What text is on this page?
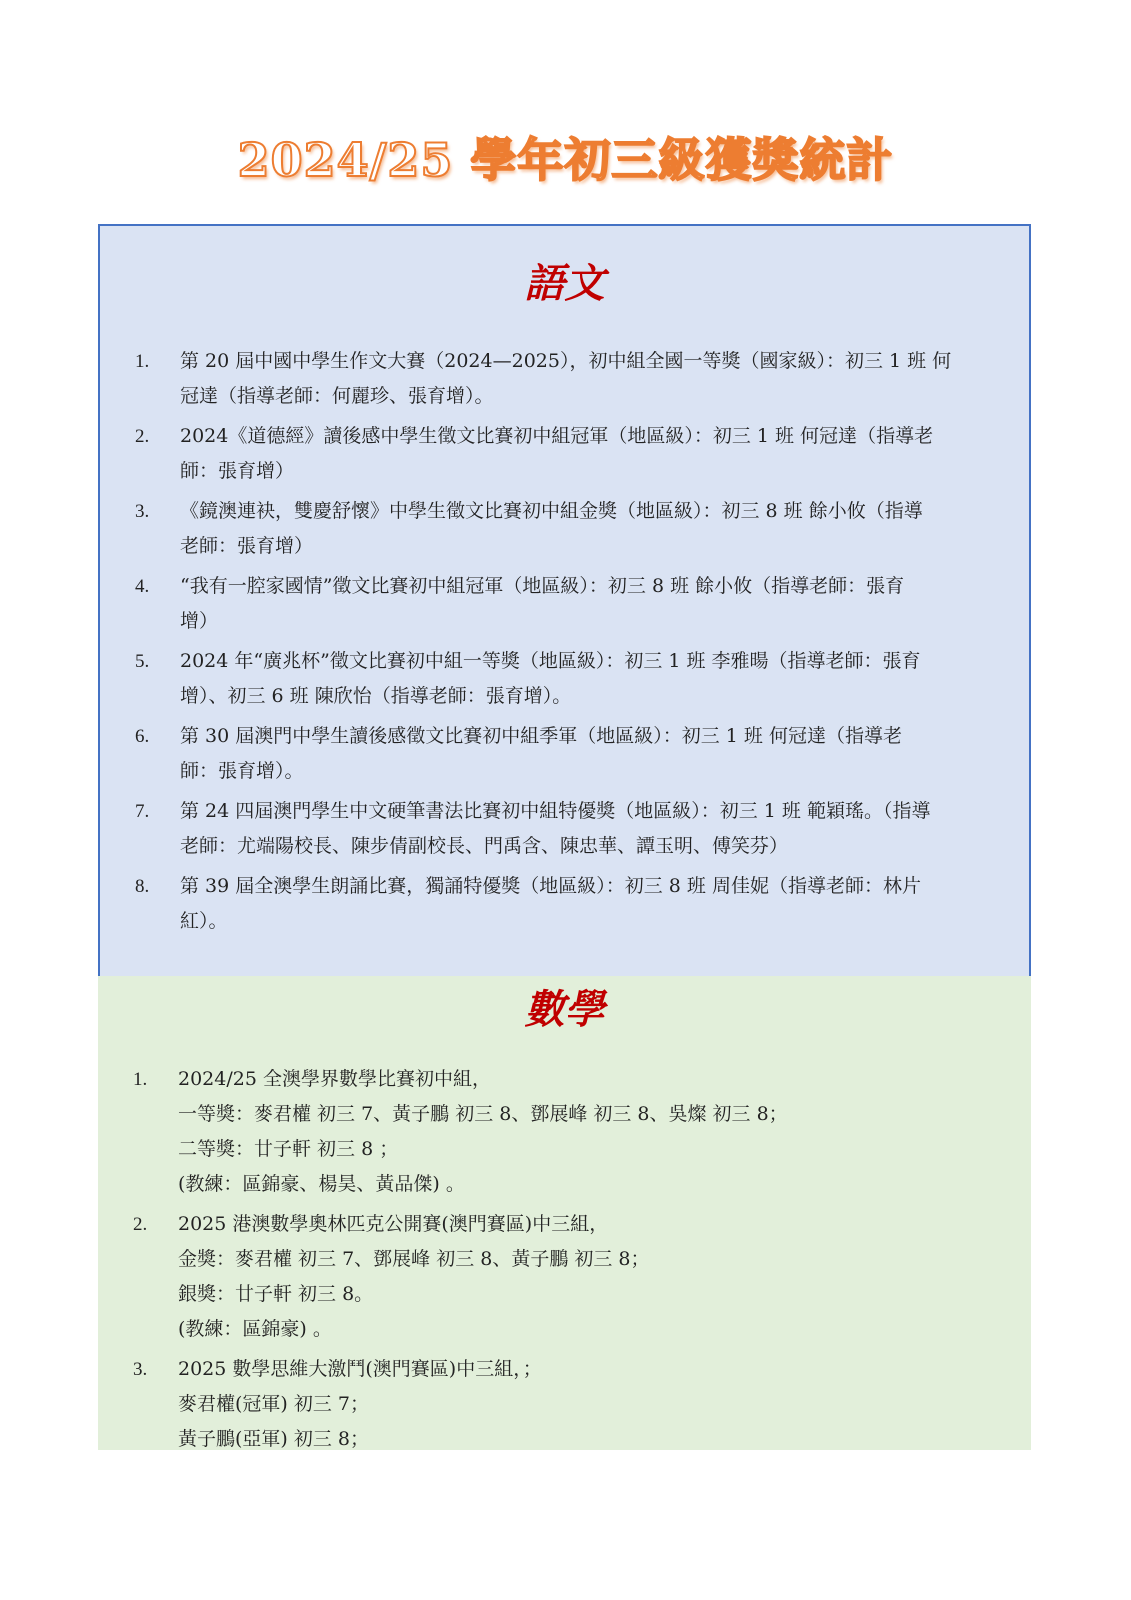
2024/25 學年初三級獲獎統計
語文
1. 第 20 屆中國中學生作文大賽（2024—2025），初中組全國一等獎（國家級）：初三 1 班 何
冠達（指導老師：何麗珍、張育增）。
2. 2024《道德經》讀後感中學生徵文比賽初中組冠軍（地區級）：初三 1 班 何冠達（指導老
師：張育增）
3. 《鏡澳連袂，雙慶舒懷》中學生徵文比賽初中組金獎（地區級）：初三 8 班 餘小攸（指導
老師：張育增）
4. “我有一腔家國情”徵文比賽初中組冠軍（地區級）：初三 8 班 餘小攸（指導老師：張育
增）
5. 2024 年“廣兆杯”徵文比賽初中組一等獎（地區級）：初三 1 班 李雅暘（指導老師：張育
增）、初三 6 班 陳欣怡（指導老師：張育增）。
6. 第 30 屆澳門中學生讀後感徵文比賽初中組季軍（地區級）：初三 1 班 何冠達（指導老
師：張育增）。
7. 第 24 四屆澳門學生中文硬筆書法比賽初中組特優獎（地區級）：初三 1 班 範穎瑤。（指導
老師：尤端陽校長、陳步倩副校長、門禹含、陳忠華、譚玉明、傅笑芬）
8. 第 39 屆全澳學生朗誦比賽，獨誦特優獎（地區級）：初三 8 班 周佳妮（指導老師：林片
紅）。
數學
1. 2024/25 全澳學界數學比賽初中組，
一等獎：麥君權 初三 7、黃子鵬 初三 8、鄧展峰 初三 8、吳燦 初三 8；
二等獎：廿子軒 初三 8 ；
(教練：區錦豪、楊昊、黃品傑) 。
2. 2025 港澳數學奧林匹克公開賽(澳門賽區)中三組，
金獎：麥君權 初三 7、鄧展峰 初三 8、黃子鵬 初三 8；
銀獎：廿子軒 初三 8。
(教練：區錦豪) 。
3. 2025 數學思維大激鬥(澳門賽區)中三組，；
麥君權(冠軍) 初三 7；
黃子鵬(亞軍) 初三 8；
